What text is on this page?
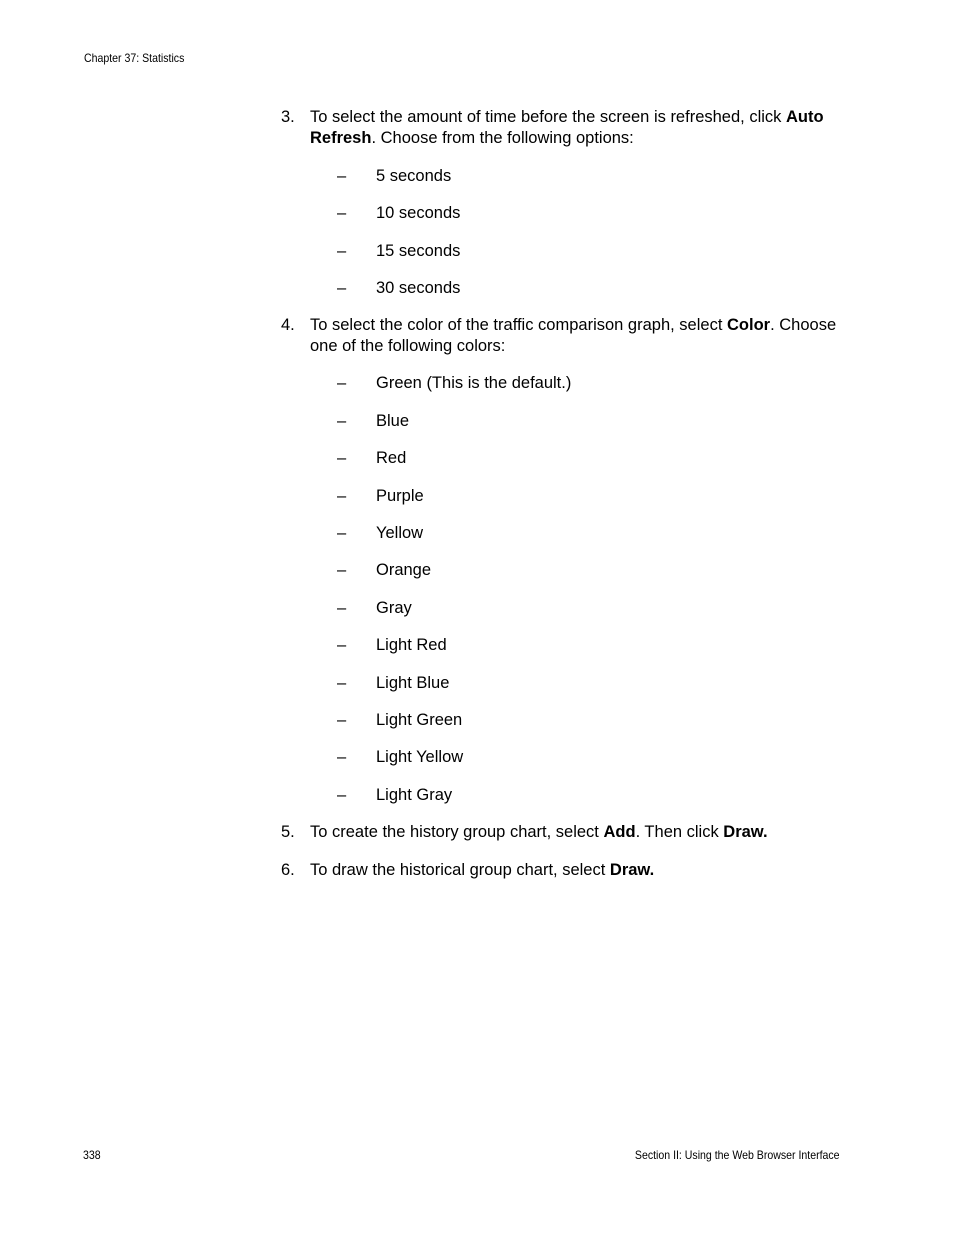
Chapter 37: Statistics
3. To select the amount of time before the screen is refreshed, click Auto Refresh. Choose from the following options:
– 5 seconds
– 10 seconds
– 15 seconds
– 30 seconds
4. To select the color of the traffic comparison graph, select Color. Choose one of the following colors:
– Green (This is the default.)
– Blue
– Red
– Purple
– Yellow
– Orange
– Gray
– Light Red
– Light Blue
– Light Green
– Light Yellow
– Light Gray
5. To create the history group chart, select Add. Then click Draw.
6. To draw the historical group chart, select Draw.
338	Section II: Using the Web Browser Interface
